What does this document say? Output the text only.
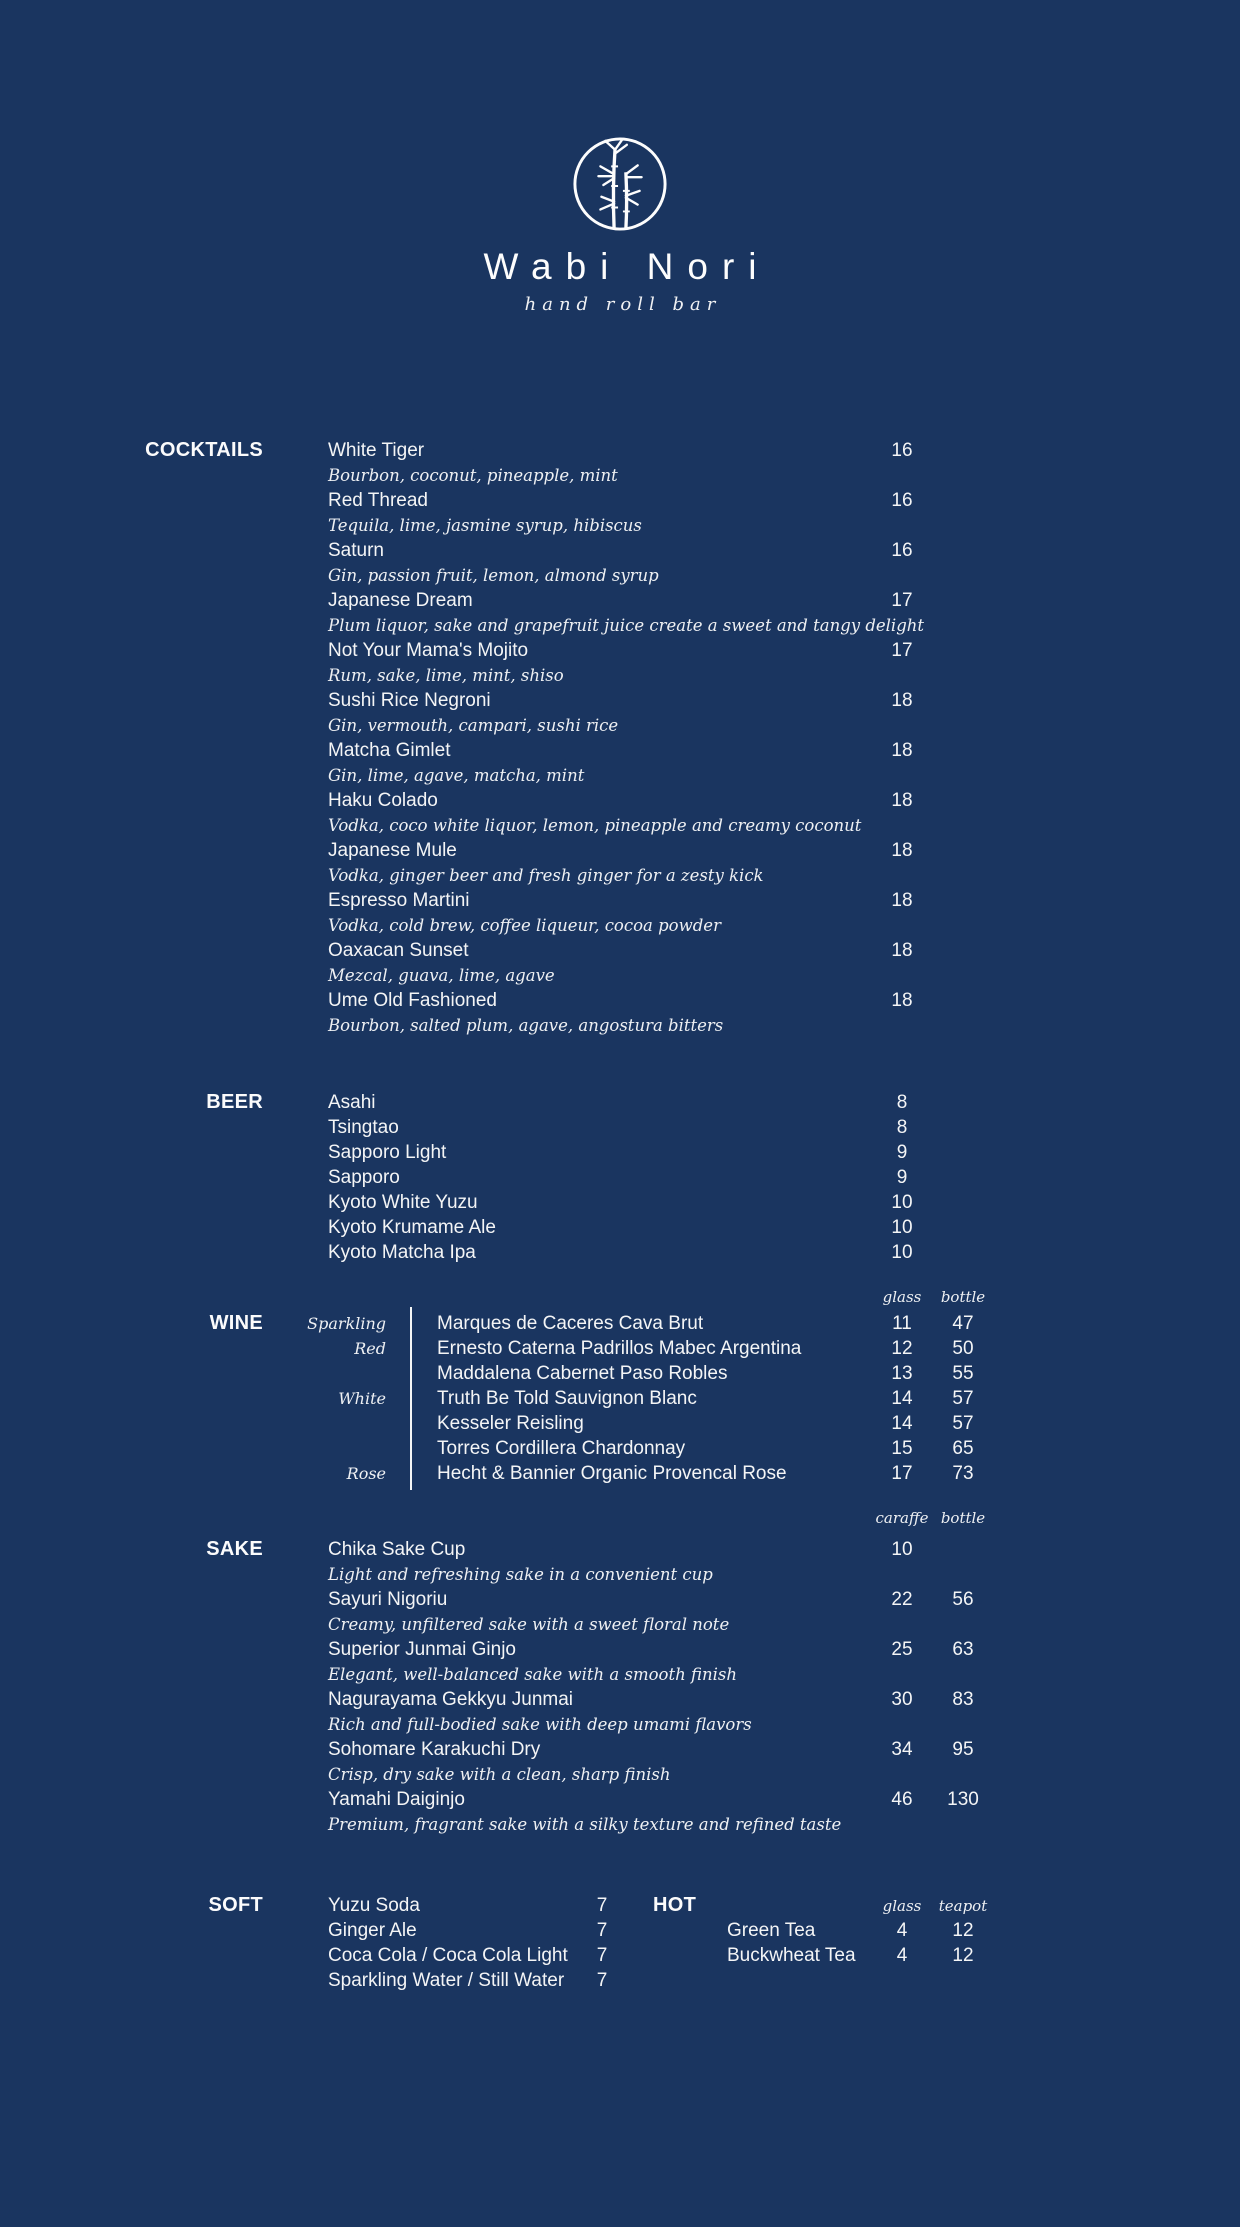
Wabi Nori
hand roll bar
COCKTAILS	White Tiger
Bourbon, coconut, pineapple, mint
16
Red Thread
Tequila, lime, jasmine syrup, hibiscus
16
Saturn
Gin, passion fruit, lemon, almond syrup
16
Japanese Dream
Plum liquor, sake and grapefruit juice create a sweet and tangy delight
17
Not Your Mama's Mojito
Rum, sake, lime, mint, shiso
17
Sushi Rice Negroni
Gin, vermouth, campari, sushi rice
18
Matcha Gimlet
Gin, lime, agave, matcha, mint
18
Haku Colado
Vodka, coco white liquor, lemon, pineapple and creamy coconut
18
Japanese Mule
Vodka, ginger beer and fresh ginger for a zesty kick
18
Espresso Martini
Vodka, cold brew, coffee liqueur, cocoa powder
18
Oaxacan Sunset
Mezcal, guava, lime, agave
18
Ume Old Fashioned
Bourbon, salted plum, agave, angostura bitters
18
BEER	Asahi	8
Tsingtao	8
Sapporo Light	9
Sapporo	9
Kyoto White Yuzu	10
Kyoto Krumame Ale	10
Kyoto Matcha Ipa	10
glass	bottle
WINE	Sparkling	Marques de Caceres Cava Brut	11	47
Red	Ernesto Caterna Padrillos Mabec Argentina	12	50
Maddalena Cabernet Paso Robles	13	55
White	Truth Be Told Sauvignon Blanc	14	57
Kesseler Reisling	14	57
Torres Cordillera Chardonnay	15	65
Rose	Hecht & Bannier Organic Provencal Rose	17	73
caraffe bottle
SAKE	Chika Sake Cup
Light and refreshing sake in a convenient cup
10
Sayuri Nigoriu
Creamy, unfiltered sake with a sweet floral note
22	56
Superior Junmai Ginjo
Elegant, well-balanced sake with a smooth finish
25	63
Nagurayama Gekkyu Junmai
Rich and full-bodied sake with deep umami flavors
30	83
Sohomare Karakuchi Dry
Crisp, dry sake with a clean, sharp finish
34	95
Yamahi Daiginjo
Premium, fragrant sake with a silky texture and refined taste
46	130
SOFT	Yuzu Soda	7
Ginger Ale	7
Coca Cola / Coca Cola Light	7
Sparkling Water / Still Water	7
HOT	glass	teapot
Green Tea	4	12
Buckwheat Tea	4	12
